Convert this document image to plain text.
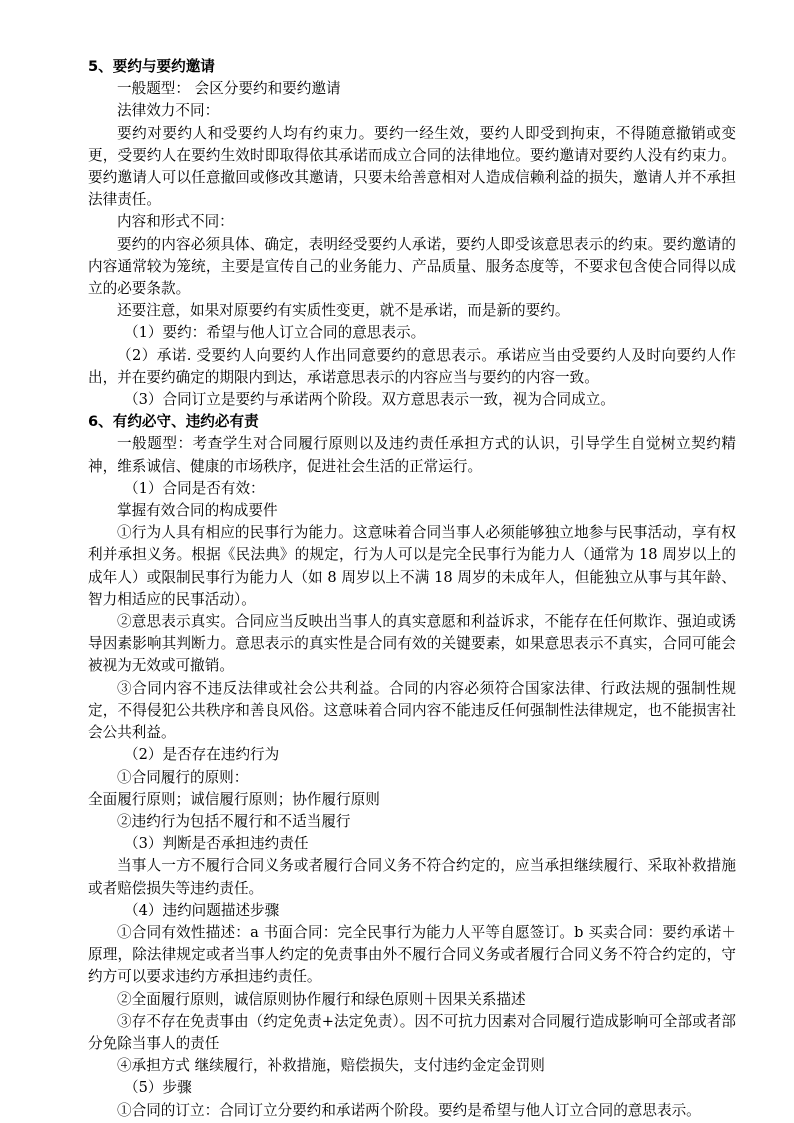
5、要约与要约邀请

一般题型： 会区分要约和要约邀请

法律效力不同：

要约对要约人和受要约人均有约束力。要约一经生效，要约人即受到拘束，不得随意撤销或变更，受要约人在要约生效时即取得依其承诺而成立合同的法律地位。要约邀请对要约人没有约束力。要约邀请人可以任意撤回或修改其邀请，只要未给善意相对人造成信赖利益的损失，邀请人并不承担法律责任。

内容和形式不同：

要约的内容必须具体、确定，表明经受要约人承诺，要约人即受该意思表示的约束。要约邀请的内容通常较为笼统，主要是宣传自己的业务能力、产品质量、服务态度等，不要求包含使合同得以成立的必要条款。

还要注意，如果对原要约有实质性变更，就不是承诺，而是新的要约。

（1）要约：希望与他人订立合同的意思表示。

（2）承诺. 受要约人向要约人作出同意要约的意思表示。承诺应当由受要约人及时向要约人作出，并在要约确定的期限内到达，承诺意思表示的内容应当与要约的内容一致。

（3）合同订立是要约与承诺两个阶段。双方意思表示一致，视为合同成立。

6、有约必守、违约必有责

一般题型：考查学生对合同履行原则以及违约责任承担方式的认识，引导学生自觉树立契约精神，维系诚信、健康的市场秩序，促进社会生活的正常运行。

（1）合同是否有效：

掌握有效合同的构成要件

①行为人具有相应的民事行为能力。这意味着合同当事人必须能够独立地参与民事活动，享有权利并承担义务。根据《民法典》的规定，行为人可以是完全民事行为能力人（通常为 18 周岁以上的成年人）或限制民事行为能力人（如 8 周岁以上不满 18 周岁的未成年人，但能独立从事与其年龄、智力相适应的民事活动）。

②意思表示真实。合同应当反映出当事人的真实意愿和利益诉求，不能存在任何欺诈、强迫或诱导因素影响其判断力。意思表示的真实性是合同有效的关键要素，如果意思表示不真实，合同可能会被视为无效或可撤销。

③合同内容不违反法律或社会公共利益。合同的内容必须符合国家法律、行政法规的强制性规定，不得侵犯公共秩序和善良风俗。这意味着合同内容不能违反任何强制性法律规定，也不能损害社会公共利益。

（2）是否存在违约行为

①合同履行的原则：

全面履行原则；诚信履行原则；协作履行原则

②违约行为包括不履行和不适当履行

（3）判断是否承担违约责任

当事人一方不履行合同义务或者履行合同义务不符合约定的，应当承担继续履行、采取补救措施或者赔偿损失等违约责任。

（4）违约问题描述步骤

①合同有效性描述：a 书面合同：完全民事行为能力人平等自愿签订。b 买卖合同：要约承诺＋原理，除法律规定或者当事人约定的免责事由外不履行合同义务或者履行合同义务不符合约定的，守约方可以要求违约方承担违约责任。

②全面履行原则，诚信原则协作履行和绿色原则＋因果关系描述

③存不存在免责事由（约定免责+法定免责）。因不可抗力因素对合同履行造成影响可全部或者部分免除当事人的责任

④承担方式 继续履行，补救措施，赔偿损失，支付违约金定金罚则

（5）步骤

①合同的订立：合同订立分要约和承诺两个阶段。要约是希望与他人订立合同的意思表示。
